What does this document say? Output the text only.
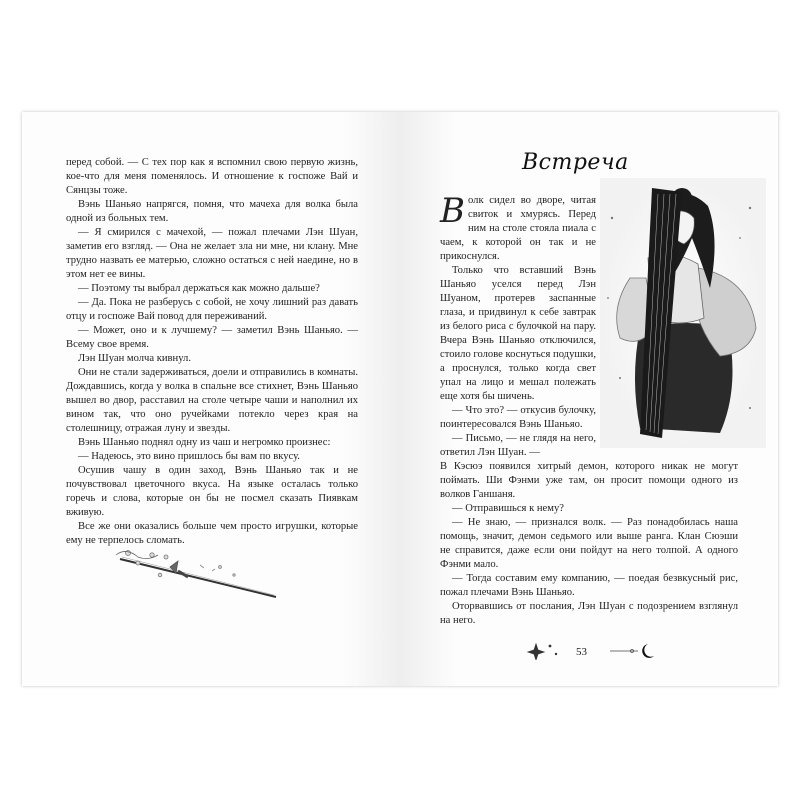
перед собой. — С тех пор как я вспомнил свою первую жизнь, кое-что для меня поменялось. И отношение к госпоже Вай и Сянцзы тоже.

Вэнь Шаньяо напрягся, помня, что мачеха для волка была одной из больных тем.

— Я смирился с мачехой, — пожал плечами Лэн Шуан, заметив его взгляд. — Она не желает зла ни мне, ни клану. Мне трудно назвать ее матерью, сложно остаться с ней наедине, но в этом нет ее вины.

— Поэтому ты выбрал держаться как можно дальше?

— Да. Пока не разберусь с собой, не хочу лишний раз давать отцу и госпоже Вай повод для переживаний.

— Может, оно и к лучшему? — заметил Вэнь Шаньяо. — Всему свое время.

Лэн Шуан молча кивнул.

Они не стали задерживаться, доели и отправились в комнаты. Дождавшись, когда у волка в спальне все стихнет, Вэнь Шаньяо вышел во двор, расставил на столе четыре чаши и наполнил их вином так, что оно ручейками потекло через края на столешницу, отражая луну и звезды.

Вэнь Шаньяо поднял одну из чаш и негромко произнес:

— Надеюсь, это вино пришлось бы вам по вкусу.

Осушив чашу в один заход, Вэнь Шаньяо так и не почувствовал цветочного вкуса. На языке осталась только горечь и слова, которые он бы не посмел сказать Пиявкам вживую.

Все же они оказались больше чем просто игрушки, которые ему не терпелось сломать.

Встреча

Волк сидел во дворе, читая свиток и хмурясь. Перед ним на столе стояла пиала с чаем, к которой он так и не прикоснулся.

Только что вставший Вэнь Шаньяо уселся перед Лэн Шуаном, протерев заспанные глаза, и придвинул к себе завтрак из белого риса с булочкой на пару. Вчера Вэнь Шаньяо отключился, стоило голове коснуться подушки, а проснулся, только когда свет упал на лицо и мешал полежать еще хотя бы шичень.

— Что это? — откусив булочку, поинтересовался Вэнь Шаньяо.

— Письмо, — не глядя на него, ответил Лэн Шуан. —

В Кэсюэ появился хитрый демон, которого никак не могут поймать. Ши Фэнми уже там, он просит помощи одного из волков Ганшаня.

— Отправишься к нему?

— Не знаю, — признался волк. — Раз понадобилась наша помощь, значит, демон седьмого или выше ранга. Клан Сюэши не справится, даже если они пойдут на него толпой. А одного Фэнми мало.

— Тогда составим ему компанию, — поедая безвкусный рис, пожал плечами Вэнь Шаньяо.

Оторвавшись от послания, Лэн Шуан с подозрением взглянул на него.

53
